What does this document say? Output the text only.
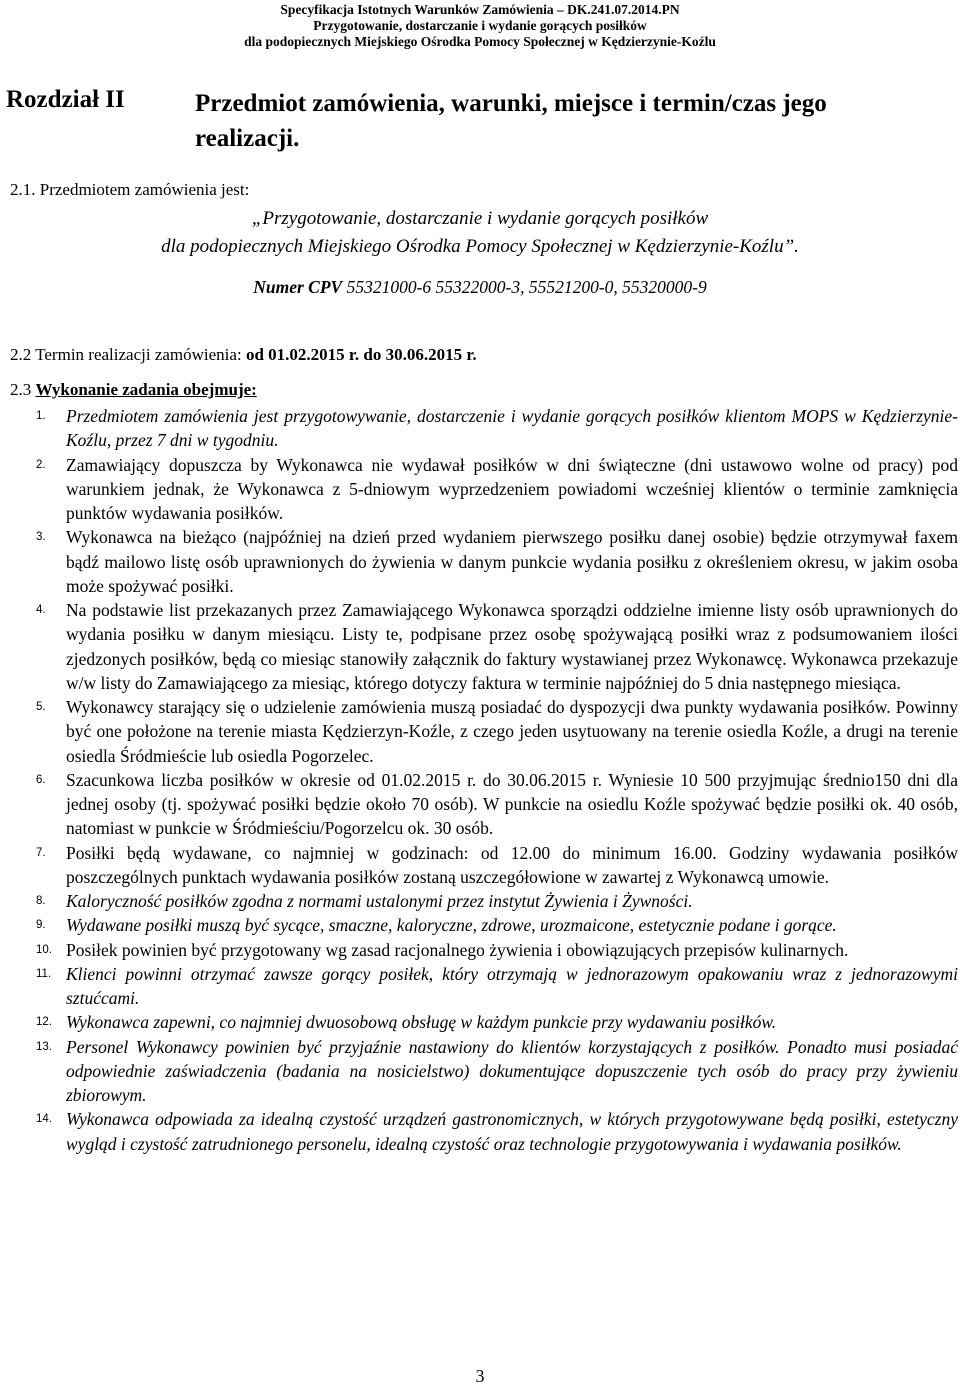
Specyfikacja Istotnych Warunków Zamówienia – DK.241.07.2014.PN
Przygotowanie, dostarczanie i wydanie gorących posiłków
dla podopiecznych Miejskiego Ośrodka Pomocy Społecznej w Kędzierzynie-Koźlu
Rozdział II	Przedmiot zamówienia, warunki, miejsce i termin/czas jego realizacji.
2.1. Przedmiotem zamówienia jest:
„Przygotowanie, dostarczanie i wydanie gorących posiłków
dla podopiecznych Miejskiego Ośrodka Pomocy Społecznej w Kędzierzynie-Koźlu”.
Numer CPV 55321000-6 55322000-3, 55521200-0, 55320000-9
2.2 Termin realizacji zamówienia: od 01.02.2015 r. do 30.06.2015 r.
2.3 Wykonanie zadania obejmuje:
1. Przedmiotem zamówienia jest przygotowywanie, dostarczenie i wydanie gorących posiłków klientom MOPS w Kędzierzynie-Koźlu, przez 7 dni w tygodniu.
2. Zamawiający dopuszcza by Wykonawca nie wydawał posiłków w dni świąteczne (dni ustawowo wolne od pracy) pod warunkiem jednak, że Wykonawca z 5-dniowym wyprzedzeniem powiadomi wcześniej klientów o terminie zamknięcia punktów wydawania posiłków.
3. Wykonawca na bieżąco (najpóźniej na dzień przed wydaniem pierwszego posiłku danej osobie) będzie otrzymywał faxem bądź mailowo listę osób uprawnionych do żywienia w danym punkcie wydania posiłku z określeniem okresu, w jakim osoba może spożywać posiłki.
4. Na podstawie list przekazanych przez Zamawiającego Wykonawca sporządzi oddzielne imienne listy osób uprawnionych do wydania posiłku w danym miesiącu. Listy te, podpisane przez osobę spożywającą posiłki wraz z podsumowaniem ilości zjedzonych posiłków, będą co miesiąc stanowiły załącznik do faktury wystawianej przez Wykonawcę. Wykonawca przekazuje w/w listy do Zamawiającego za miesiąc, którego dotyczy faktura w terminie najpóźniej do 5 dnia następnego miesiąca.
5. Wykonawcy starający się o udzielenie zamówienia muszą posiadać do dyspozycji dwa punkty wydawania posiłków. Powinny być one położone na terenie miasta Kędzierzyn-Koźle, z czego jeden usytuowany na terenie osiedla Koźle, a drugi na terenie osiedla Śródmieście lub osiedla Pogorzelec.
6. Szacunkowa liczba posiłków w okresie od 01.02.2015 r. do 30.06.2015 r. Wyniesie 10 500 przyjmując średnio150 dni dla jednej osoby (tj. spożywać posiłki będzie około 70 osób). W punkcie na osiedlu Koźle spożywać będzie posiłki ok. 40 osób, natomiast w punkcie w Śródmieściu/Pogorzelcu ok. 30 osób.
7. Posiłki będą wydawane, co najmniej w godzinach: od 12.00 do minimum 16.00. Godziny wydawania posiłków poszczególnych punktach wydawania posiłków zostaną uszczegółowione w zawartej z Wykonawcą umowie.
8. Kaloryczność posiłków zgodna z normami ustalonymi przez instytut Żywienia i Żywności.
9. Wydawane posiłki muszą być sycące, smaczne, kaloryczne, zdrowe, urozmaicone, estetycznie podane i gorące.
10. Posiłek powinien być przygotowany wg zasad racjonalnego żywienia i obowiązujących przepisów kulinarnych.
11. Klienci powinni otrzymać zawsze gorący posiłek, który otrzymają w jednorazowym opakowaniu wraz z jednorazowymi sztućcami.
12. Wykonawca zapewni, co najmniej dwuosobową obsługę w każdym punkcie przy wydawaniu posiłków.
13. Personel Wykonawcy powinien być przyjaźnie nastawiony do klientów korzystających z posiłków. Ponadto musi posiadać odpowiednie zaświadczenia (badania na nosicielstwo) dokumentujące dopuszczenie tych osób do pracy przy żywieniu zbiorowym.
14. Wykonawca odpowiada za idealną czystość urządzeń gastronomicznych, w których przygotowywane będą posiłki, estetyczny wygląd i czystość zatrudnionego personelu, idealną czystość oraz technologie przygotowywania i wydawania posiłków.
3
